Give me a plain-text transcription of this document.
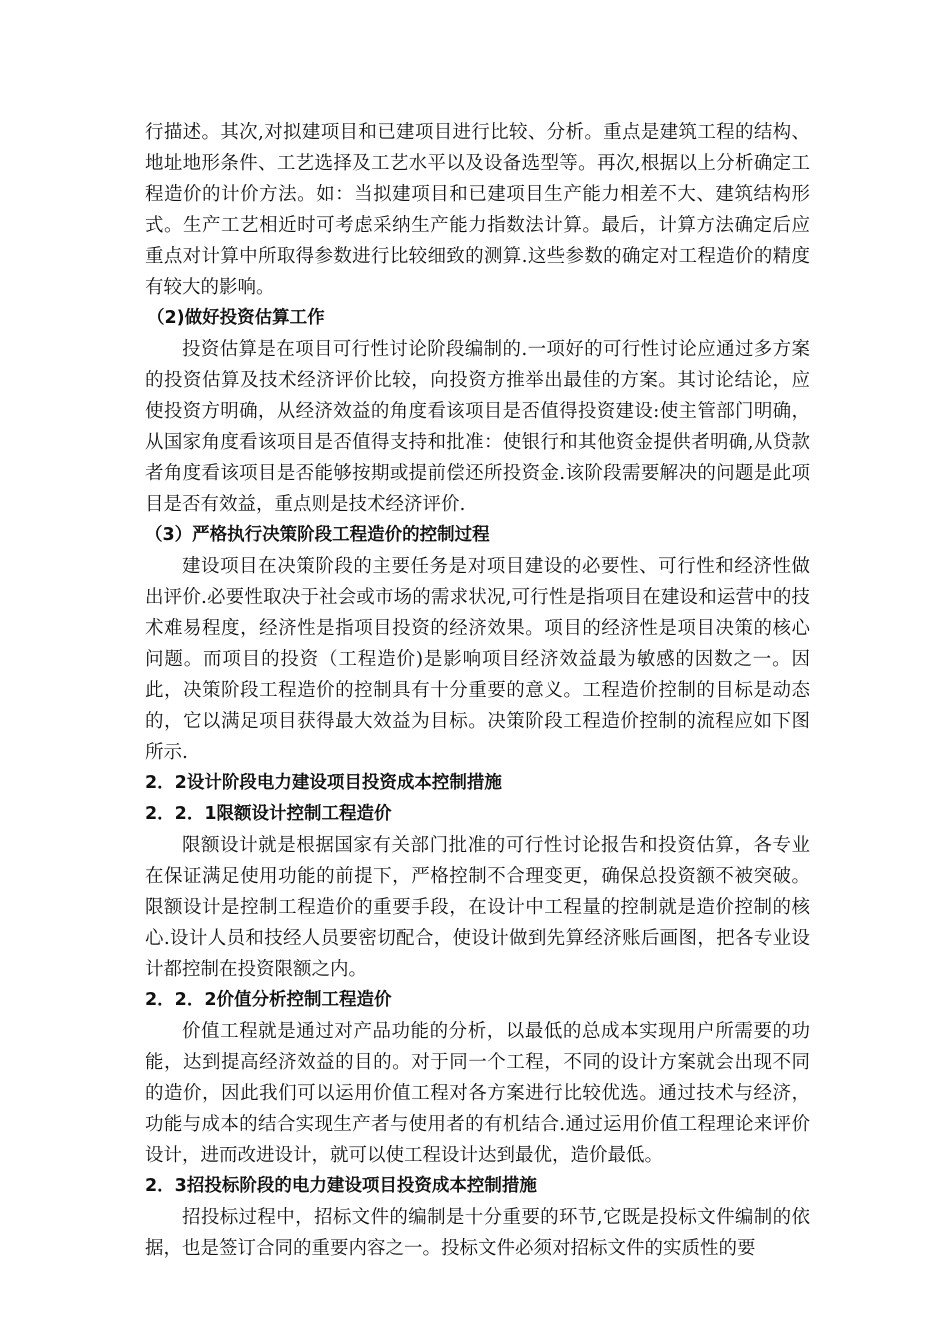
行描述。其次,对拟建项目和已建项目进行比较、分析。重点是建筑工程的结构、地址地形条件、工艺选择及工艺水平以及设备选型等。再次,根据以上分析确定工程造价的计价方法。如：当拟建项目和已建项目生产能力相差不大、建筑结构形式。生产工艺相近时可考虑采纳生产能力指数法计算。最后，计算方法确定后应重点对计算中所取得参数进行比较细致的测算.这些参数的确定对工程造价的精度有较大的影响。

（2)做好投资估算工作

投资估算是在项目可行性讨论阶段编制的.一项好的可行性讨论应通过多方案的投资估算及技术经济评价比较，向投资方推举出最佳的方案。其讨论结论，应使投资方明确，从经济效益的角度看该项目是否值得投资建设:使主管部门明确，从国家角度看该项目是否值得支持和批准：使银行和其他资金提供者明确,从贷款者角度看该项目是否能够按期或提前偿还所投资金.该阶段需要解决的问题是此项目是否有效益，重点则是技术经济评价.

（3）严格执行决策阶段工程造价的控制过程

建设项目在决策阶段的主要任务是对项目建设的必要性、可行性和经济性做出评价.必要性取决于社会或市场的需求状况,可行性是指项目在建设和运营中的技术难易程度，经济性是指项目投资的经济效果。项目的经济性是项目决策的核心问题。而项目的投资（工程造价)是影响项目经济效益最为敏感的因数之一。因此，决策阶段工程造价的控制具有十分重要的意义。工程造价控制的目标是动态的，它以满足项目获得最大效益为目标。决策阶段工程造价控制的流程应如下图所示.

2．2设计阶段电力建设项目投资成本控制措施

2．2．1限额设计控制工程造价

限额设计就是根据国家有关部门批准的可行性讨论报告和投资估算，各专业在保证满足使用功能的前提下，严格控制不合理变更，确保总投资额不被突破。限额设计是控制工程造价的重要手段，在设计中工程量的控制就是造价控制的核心.设计人员和技经人员要密切配合，使设计做到先算经济账后画图，把各专业设计都控制在投资限额之内。

2．2．2价值分析控制工程造价

价值工程就是通过对产品功能的分析，以最低的总成本实现用户所需要的功能，达到提高经济效益的目的。对于同一个工程，不同的设计方案就会出现不同的造价，因此我们可以运用价值工程对各方案进行比较优选。通过技术与经济，功能与成本的结合实现生产者与使用者的有机结合.通过运用价值工程理论来评价设计，进而改进设计，就可以使工程设计达到最优，造价最低。

2．3招投标阶段的电力建设项目投资成本控制措施

招投标过程中，招标文件的编制是十分重要的环节,它既是投标文件编制的依据，也是签订合同的重要内容之一。投标文件必须对招标文件的实质性的要
